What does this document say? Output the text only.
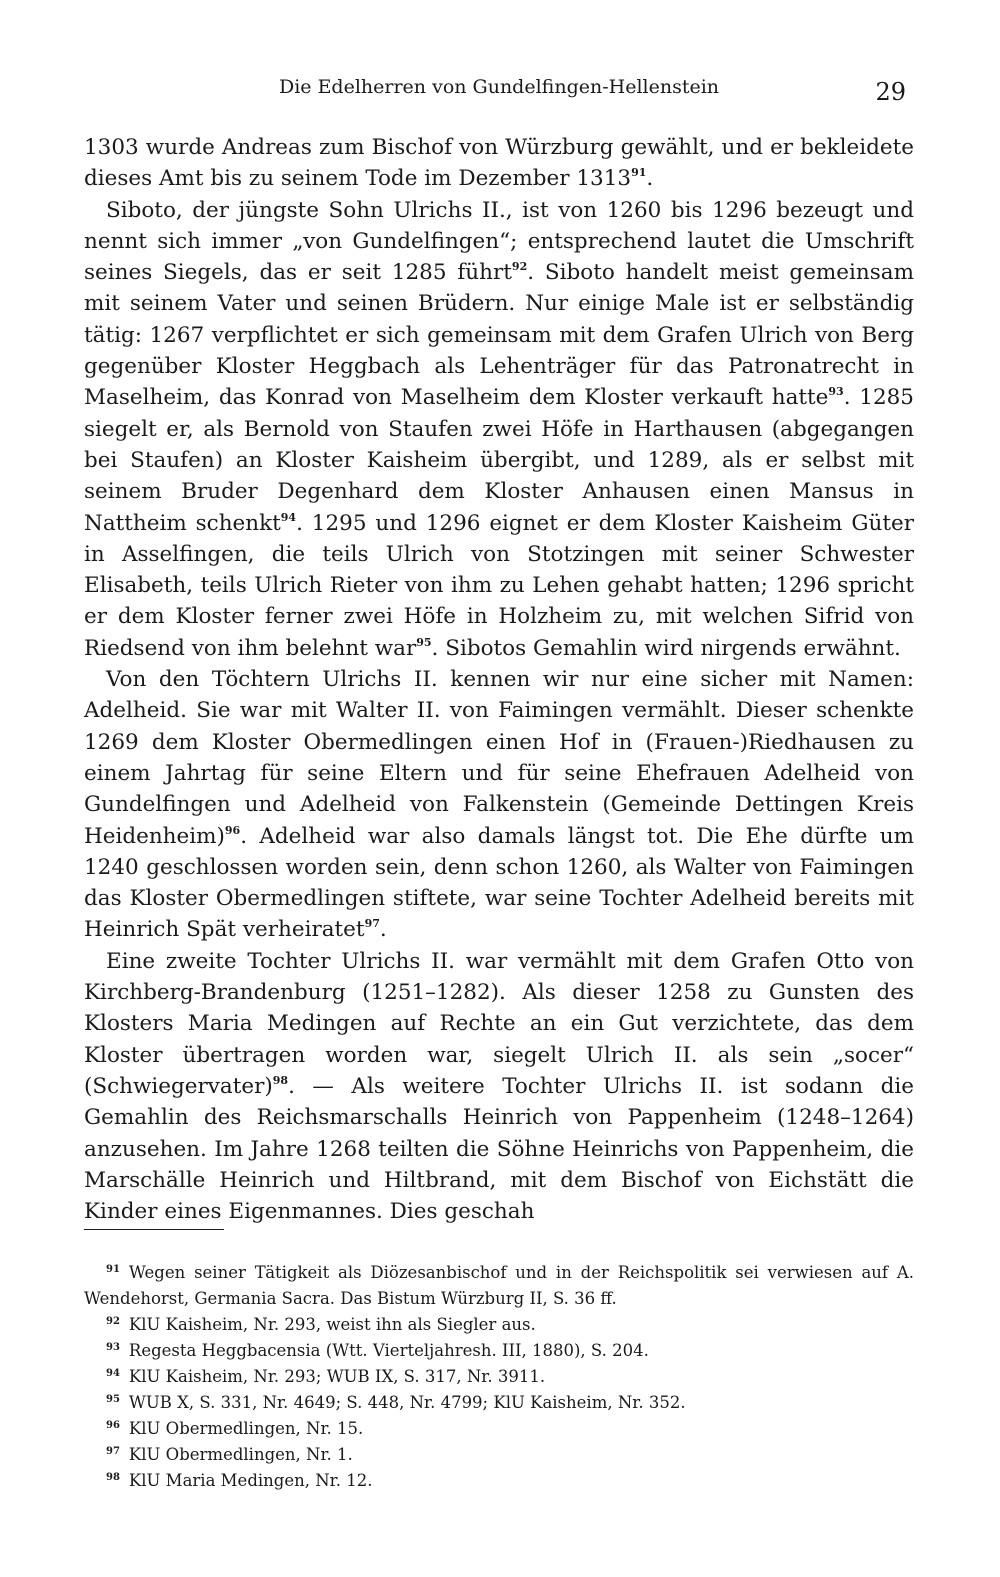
Die Edelherren von Gundelfingen-Hellenstein	29

1303 wurde Andreas zum Bischof von Würzburg gewählt, und er bekleidete dieses Amt bis zu seinem Tode im Dezember 1313$^{91}$.

Siboto, der jüngste Sohn Ulrichs II., ist von 1260 bis 1296 bezeugt und nennt sich immer „von Gundelfingen“; entsprechend lautet die Umschrift seines Siegels, das er seit 1285 führt$^{92}$. Siboto handelt meist gemeinsam mit seinem Vater und seinen Brüdern. Nur einige Male ist er selbständig tätig: 1267 verpflichtet er sich gemeinsam mit dem Grafen Ulrich von Berg gegenüber Kloster Heggbach als Lehenträger für das Patronatrecht in Maselheim, das Konrad von Maselheim dem Kloster verkauft hatte$^{93}$. 1285 siegelt er, als Bernold von Staufen zwei Höfe in Harthausen (abgegangen bei Staufen) an Kloster Kaisheim übergibt, und 1289, als er selbst mit seinem Bruder Degenhard dem Kloster Anhausen einen Mansus in Nattheim schenkt$^{94}$. 1295 und 1296 eignet er dem Kloster Kaisheim Güter in Asselfingen, die teils Ulrich von Stotzingen mit seiner Schwester Elisabeth, teils Ulrich Rieter von ihm zu Lehen gehabt hatten; 1296 spricht er dem Kloster ferner zwei Höfe in Holzheim zu, mit welchen Sifrid von Riedsend von ihm belehnt war$^{95}$. Sibotos Gemahlin wird nirgends erwähnt.

Von den Töchtern Ulrichs II. kennen wir nur eine sicher mit Namen: Adelheid. Sie war mit Walter II. von Faimingen vermählt. Dieser schenkte 1269 dem Kloster Obermedlingen einen Hof in (Frauen-)Riedhausen zu einem Jahrtag für seine Eltern und für seine Ehefrauen Adelheid von Gundelfingen und Adelheid von Falkenstein (Gemeinde Dettingen Kreis Heidenheim)$^{96}$. Adelheid war also damals längst tot. Die Ehe dürfte um 1240 geschlossen worden sein, denn schon 1260, als Walter von Faimingen das Kloster Obermedlingen stiftete, war seine Tochter Adelheid bereits mit Heinrich Spät verheiratet$^{97}$.

Eine zweite Tochter Ulrichs II. war vermählt mit dem Grafen Otto von Kirchberg-Brandenburg (1251–1282). Als dieser 1258 zu Gunsten des Klosters Maria Medingen auf Rechte an ein Gut verzichtete, das dem Kloster übertragen worden war, siegelt Ulrich II. als sein „socer“ (Schwiegervater)$^{98}$. — Als weitere Tochter Ulrichs II. ist sodann die Gemahlin des Reichsmarschalls Heinrich von Pappenheim (1248–1264) anzusehen. Im Jahre 1268 teilten die Söhne Heinrichs von Pappenheim, die Marschälle Heinrich und Hiltbrand, mit dem Bischof von Eichstätt die Kinder eines Eigenmannes. Dies geschah

$^{91}$ Wegen seiner Tätigkeit als Diözesanbischof und in der Reichspolitik sei verwiesen auf A. Wendehorst, Germania Sacra. Das Bistum Würzburg II, S. 36 ff.

$^{92}$ KlU Kaisheim, Nr. 293, weist ihn als Siegler aus.

$^{93}$ Regesta Heggbacensia (Wtt. Vierteljahresh. III, 1880), S. 204.

$^{94}$ KlU Kaisheim, Nr. 293; WUB IX, S. 317, Nr. 3911.

$^{95}$ WUB X, S. 331, Nr. 4649; S. 448, Nr. 4799; KlU Kaisheim, Nr. 352.

$^{96}$ KlU Obermedlingen, Nr. 15.

$^{97}$ KlU Obermedlingen, Nr. 1.

$^{98}$ KlU Maria Medingen, Nr. 12.
